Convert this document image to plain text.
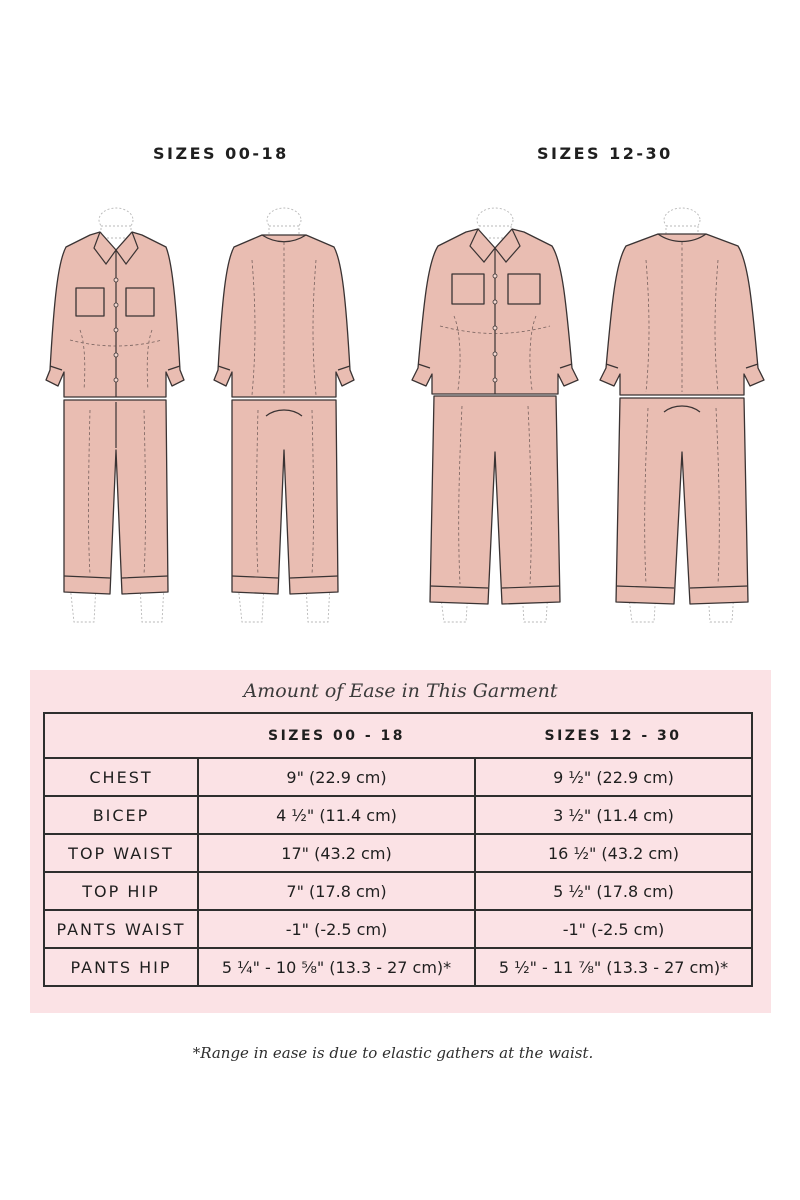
SIZES 00-18	SIZES 12-30
Amount of Ease in This Garment
	SIZES 00 - 18	SIZES 12 - 30
CHEST	9" (22.9 cm)	9 ½" (22.9 cm)
BICEP	4 ½" (11.4 cm)	3 ½" (11.4 cm)
TOP WAIST	17" (43.2 cm)	16 ½" (43.2 cm)
TOP HIP	7" (17.8 cm)	5 ½" (17.8 cm)
PANTS WAIST	-1" (-2.5 cm)	-1" (-2.5 cm)
PANTS HIP	5 ¼" - 10 ⅝" (13.3 - 27 cm)*	5 ½" - 11 ⅞" (13.3 - 27 cm)*
*Range in ease is due to elastic gathers at the waist.
